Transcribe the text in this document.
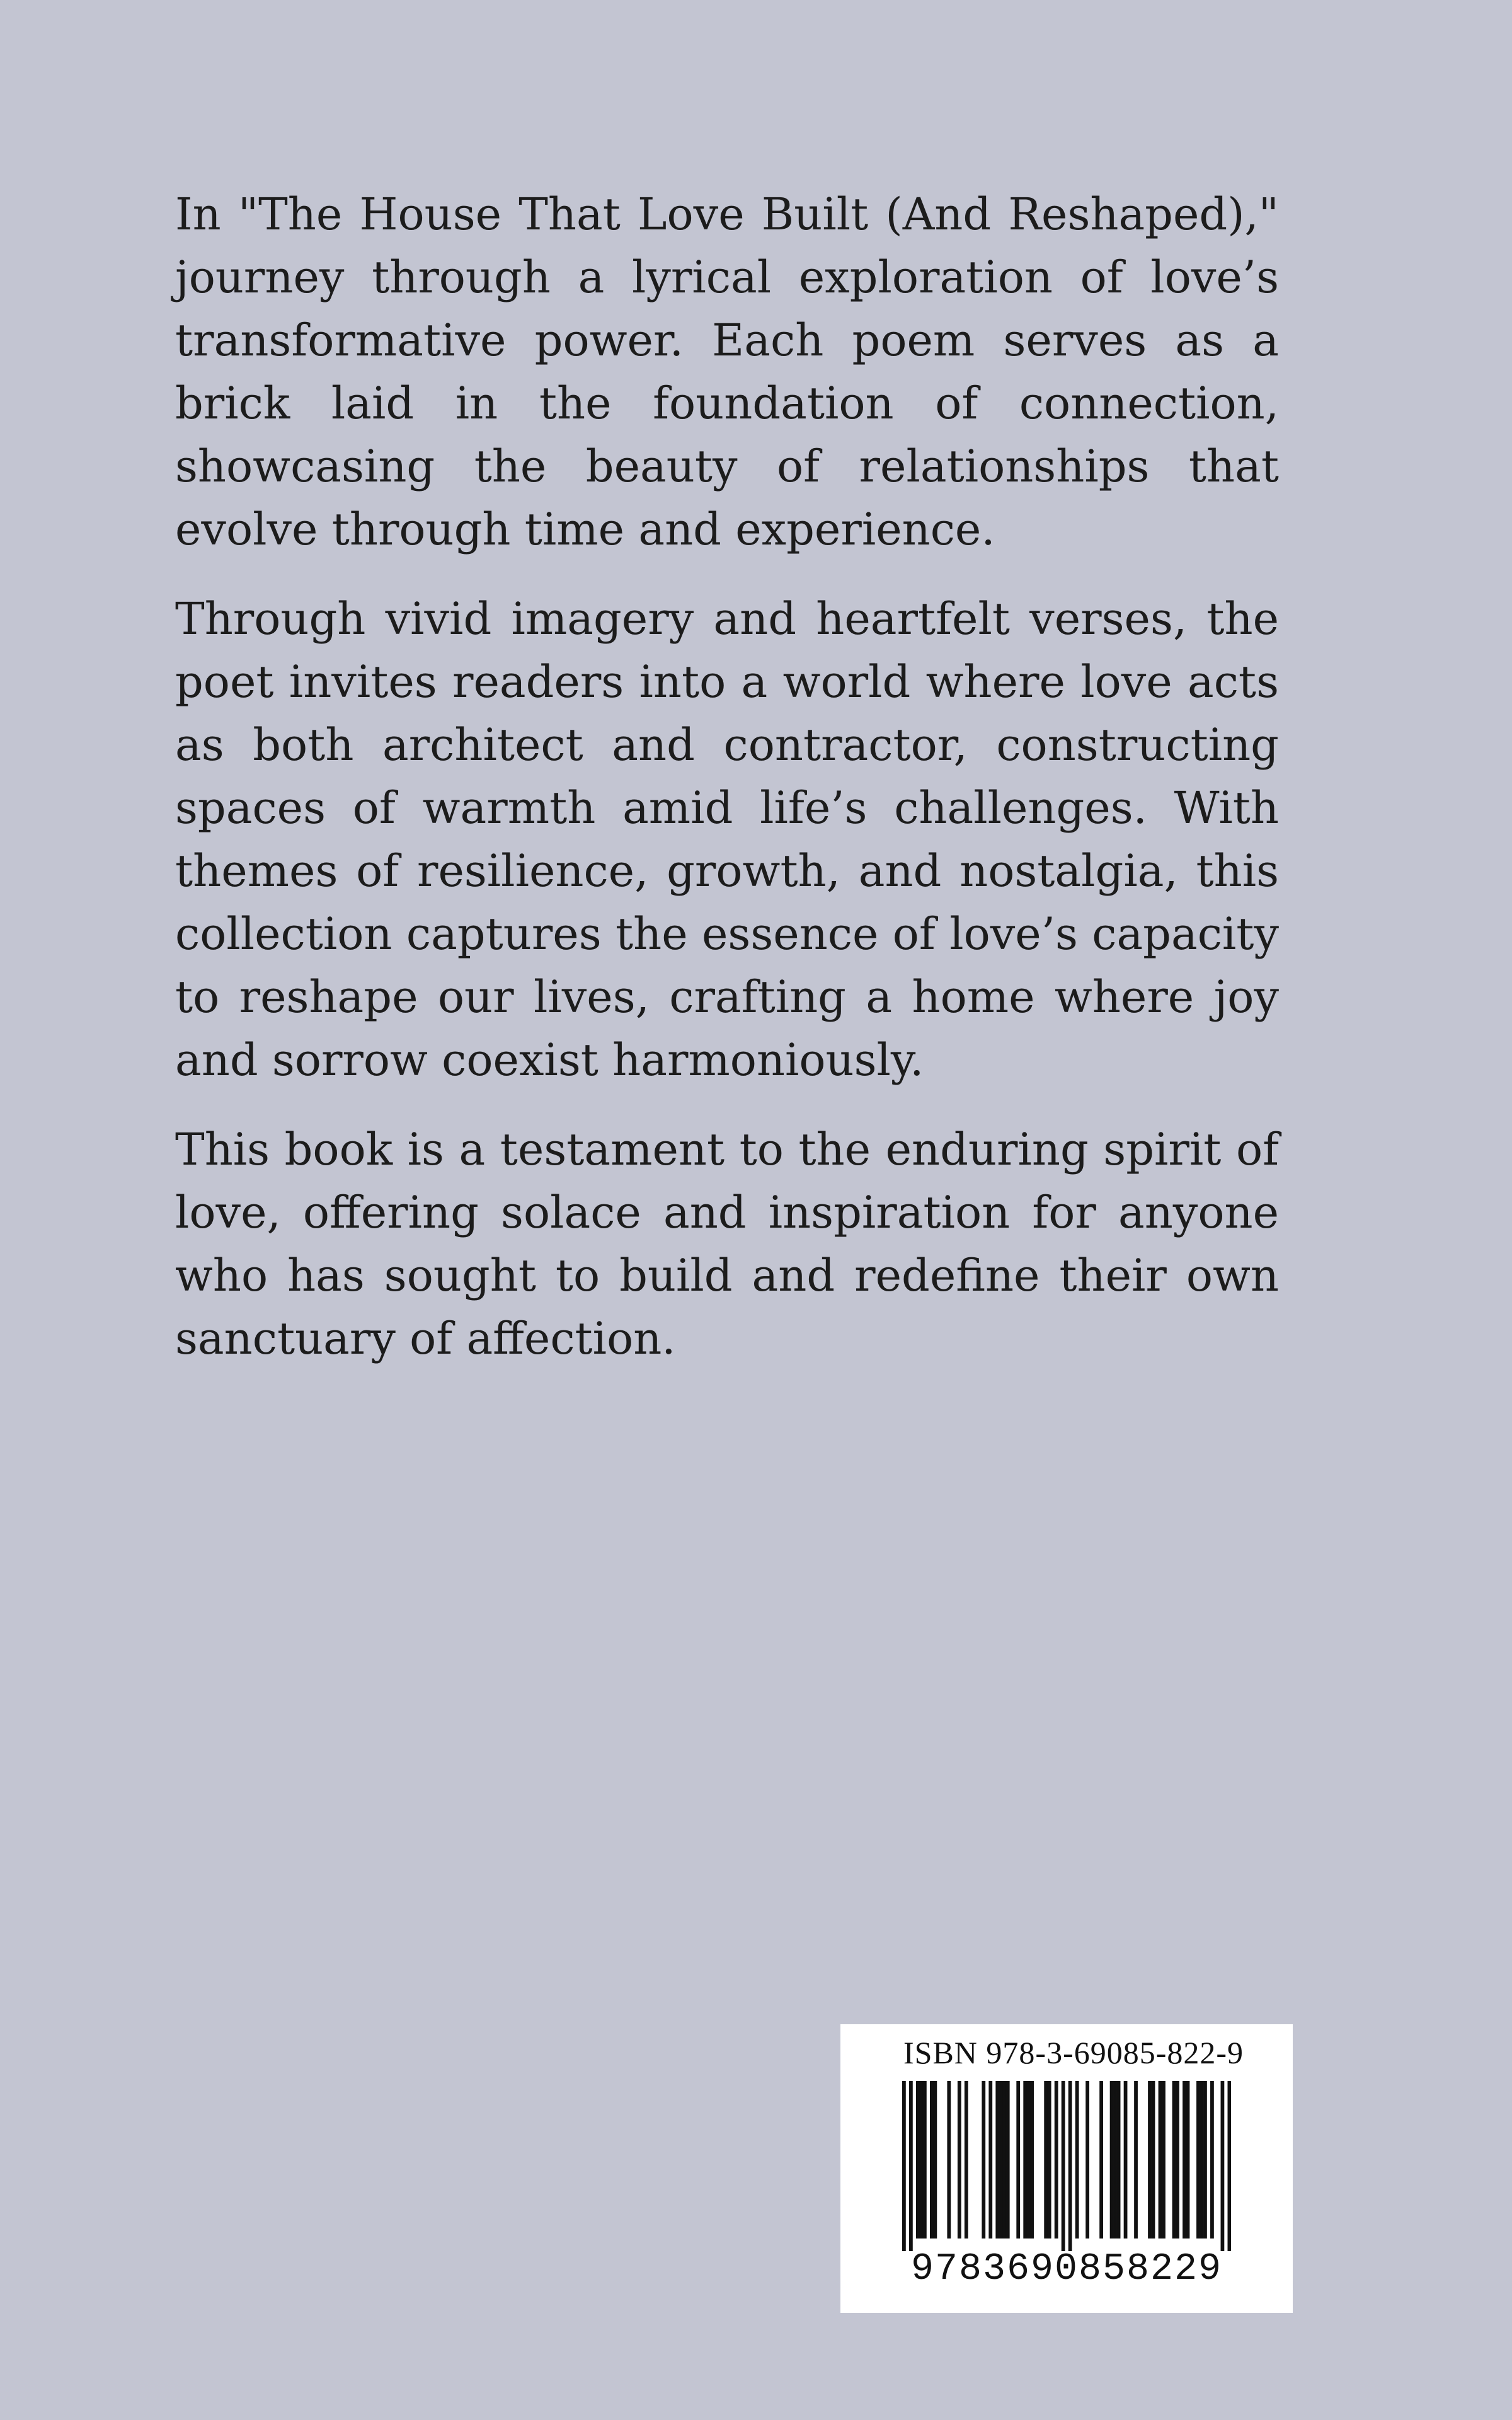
In "The House That Love Built (And Reshaped)," journey through a lyrical exploration of love’s transformative power. Each poem serves as a brick laid in the foundation of connection, showcasing the beauty of relationships that evolve through time and experience.

Through vivid imagery and heartfelt verses, the poet invites readers into a world where love acts as both architect and contractor, constructing spaces of warmth amid life’s challenges. With themes of resilience, growth, and nostalgia, this collection captures the essence of love’s capacity to reshape our lives, crafting a home where joy and sorrow coexist harmoniously.

This book is a testament to the enduring spirit of love, offering solace and inspiration for anyone who has sought to build and redefine their own sanctuary of affection.

ISBN 978-3-69085-822-9
9783690858229
